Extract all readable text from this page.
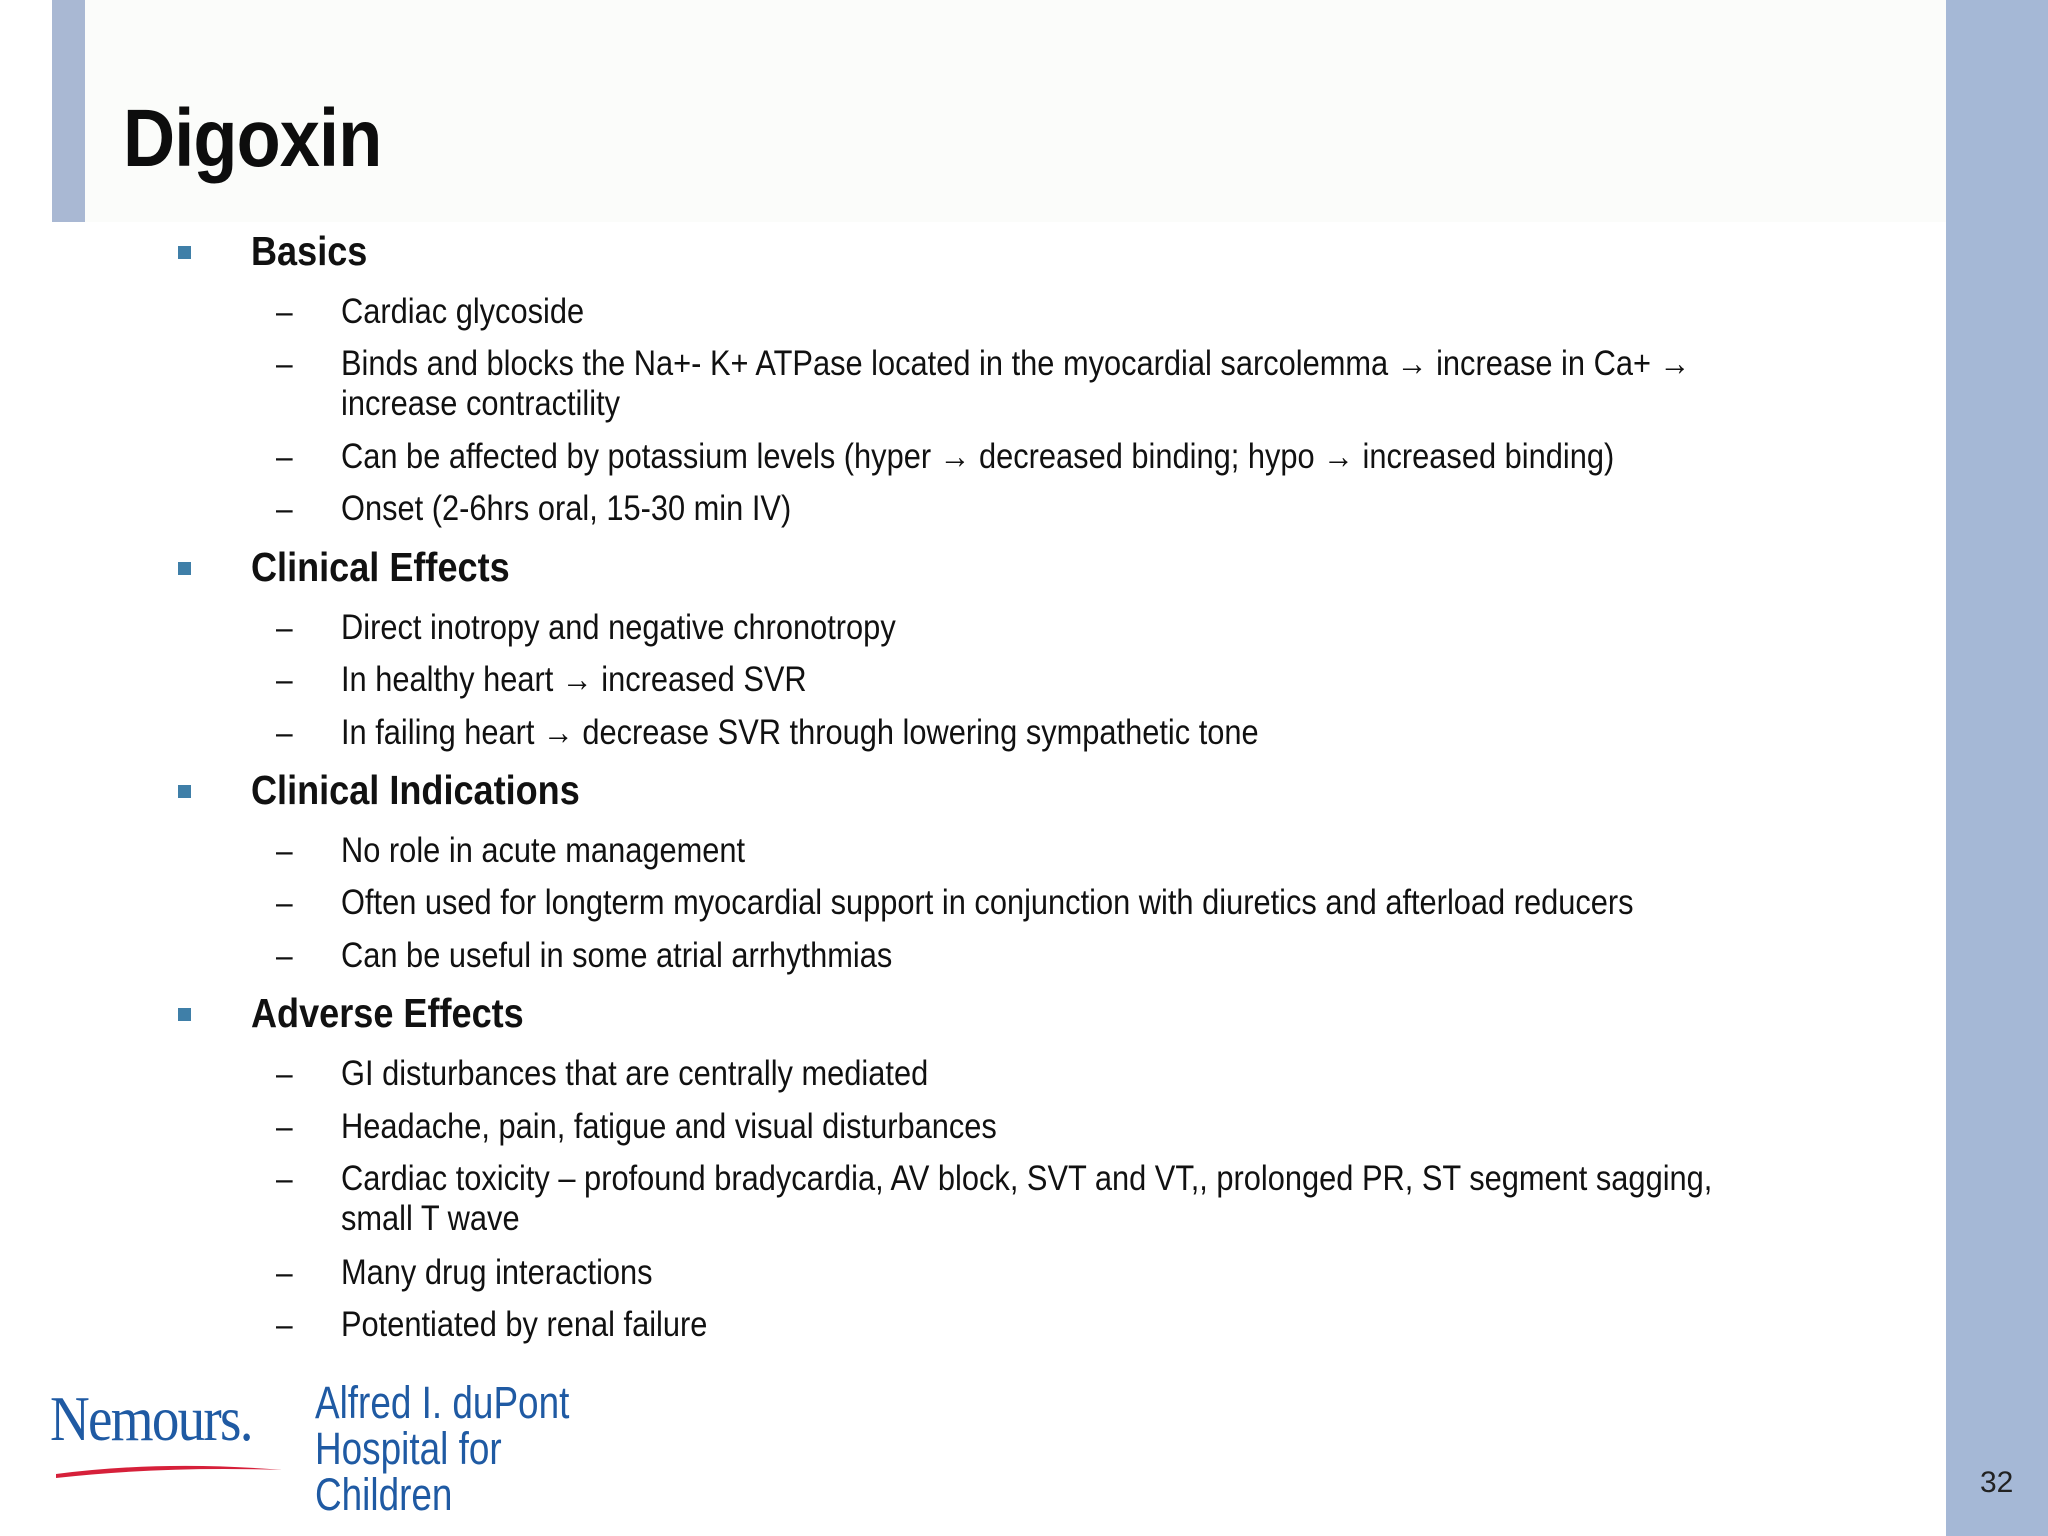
Digoxin
Basics
– Cardiac glycoside
– Binds and blocks the Na+- K+ ATPase located in the myocardial sarcolemma → increase in Ca+ → increase contractility
– Can be affected by potassium levels (hyper → decreased binding; hypo → increased binding)
– Onset (2-6hrs oral, 15-30 min IV)
Clinical Effects
– Direct inotropy and negative chronotropy
– In healthy heart → increased SVR
– In failing heart → decrease SVR through lowering sympathetic tone
Clinical Indications
– No role in acute management
– Often used for longterm myocardial support in conjunction with diuretics and afterload reducers
– Can be useful in some atrial arrhythmias
Adverse Effects
– GI disturbances that are centrally mediated
– Headache, pain, fatigue and visual disturbances
– Cardiac toxicity – profound bradycardia, AV block, SVT and VT,, prolonged PR, ST segment sagging, small T wave
– Many drug interactions
– Potentiated by renal failure
Nemours. Alfred I. duPont
Hospital for Children	32
